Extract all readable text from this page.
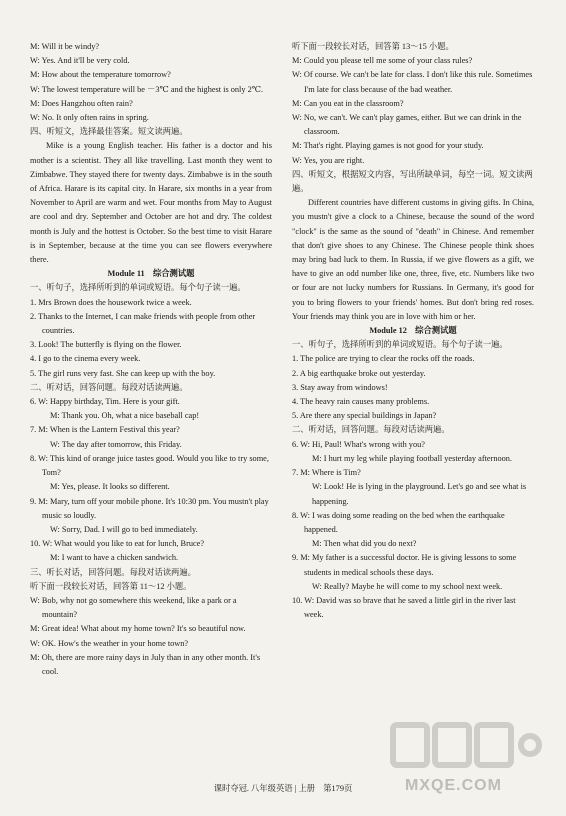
M: Will it be windy?

W: Yes. And it'll be very cold.

M: How about the temperature tomorrow?

W: The lowest temperature will be －3℃ and the highest is only 2℃.

M: Does Hangzhou often rain?

W: No. It only often rains in spring.

四、听短文，选择最佳答案。短文读两遍。

Mike is a young English teacher. His father is a doctor and his mother is a scientist. They all like travelling. Last month they went to Zimbabwe. They stayed there for twenty days. Zimbabwe is in the south of Africa. Harare is its capital city. In Harare, six months in a year from November to April are warm and wet. Four months from May to August are cool and dry. September and October are hot and dry. The coldest month is July and the hottest is October. So the best time to visit Harare is in September, because at the time you can see flowers everywhere there.

Module 11　综合测试题

一、听句子，选择所听到的单词或短语。每个句子读一遍。

1. Mrs Brown does the housework twice a week.

2. Thanks to the Internet, I can make friends with people from other countries.

3. Look! The butterfly is flying on the flower.

4. I go to the cinema every week.

5. The girl runs very fast. She can keep up with the boy.

二、听对话，回答问题。每段对话读两遍。

6. W: Happy birthday, Tim. Here is your gift.

M: Thank you. Oh, what a nice baseball cap!

7. M: When is the Lantern Festival this year?

W: The day after tomorrow, this Friday.

8. W: This kind of orange juice tastes good. Would you like to try some, Tom?

M: Yes, please. It looks so different.

9. M: Mary, turn off your mobile phone. It's 10:30 pm. You mustn't play music so loudly.

W: Sorry, Dad. I will go to bed immediately.

10. W: What would you like to eat for lunch, Bruce?

M: I want to have a chicken sandwich.

三、听长对话，回答问题。每段对话读两遍。

听下面一段较长对话，回答第 11～12 小题。

W: Bob, why not go somewhere this weekend, like a park or a mountain?

M: Great idea! What about my home town? It's so beautiful now.

W: OK. How's the weather in your home town?

M: Oh, there are more rainy days in July than in any other month. It's cool.

听下面一段较长对话，回答第 13～15 小题。

M: Could you please tell me some of your class rules?

W: Of course. We can't be late for class. I don't like this rule. Sometimes I'm late for class because of the bad weather.

M: Can you eat in the classroom?

W: No, we can't. We can't play games, either. But we can drink in the classroom.

M: That's right. Playing games is not good for your study.

W: Yes, you are right.

四、听短文，根据短文内容，写出所缺单词，每空一词。短文读两遍。

Different countries have different customs in giving gifts. In China, you mustn't give a clock to a Chinese, because the sound of the word "clock" is the same as the sound of "death" in Chinese. And remember that don't give shoes to any Chinese. The Chinese people think shoes may bring bad luck to them. In Russia, if we give flowers as a gift, we have to give an odd number like one, three, five, etc. Numbers like two or four are not lucky numbers for Russians. In Germany, it's good for you to bring flowers to your friends' homes. But don't bring red roses. Your friends may think you are in love with him or her.

Module 12　综合测试题

一、听句子，选择所听到的单词或短语。每个句子读一遍。

1. The police are trying to clear the rocks off the roads.

2. A big earthquake broke out yesterday.

3. Stay away from windows!

4. The heavy rain causes many problems.

5. Are there any special buildings in Japan?

二、听对话，回答问题。每段对话读两遍。

6. W: Hi, Paul! What's wrong with you?

M: I hurt my leg while playing football yesterday afternoon.

7. M: Where is Tim?

W: Look! He is lying in the playground. Let's go and see what is happening.

8. W: I was doing some reading on the bed when the earthquake happened.

M: Then what did you do next?

9. M: My father is a successful doctor. He is giving lessons to some students in medical schools these days.

W: Really? Maybe he will come to my school next week.

10. W: David was so brave that he saved a little girl in the river last week.

课时夺冠. 八年级英语 | 上册　第179页	MXQE.COM
